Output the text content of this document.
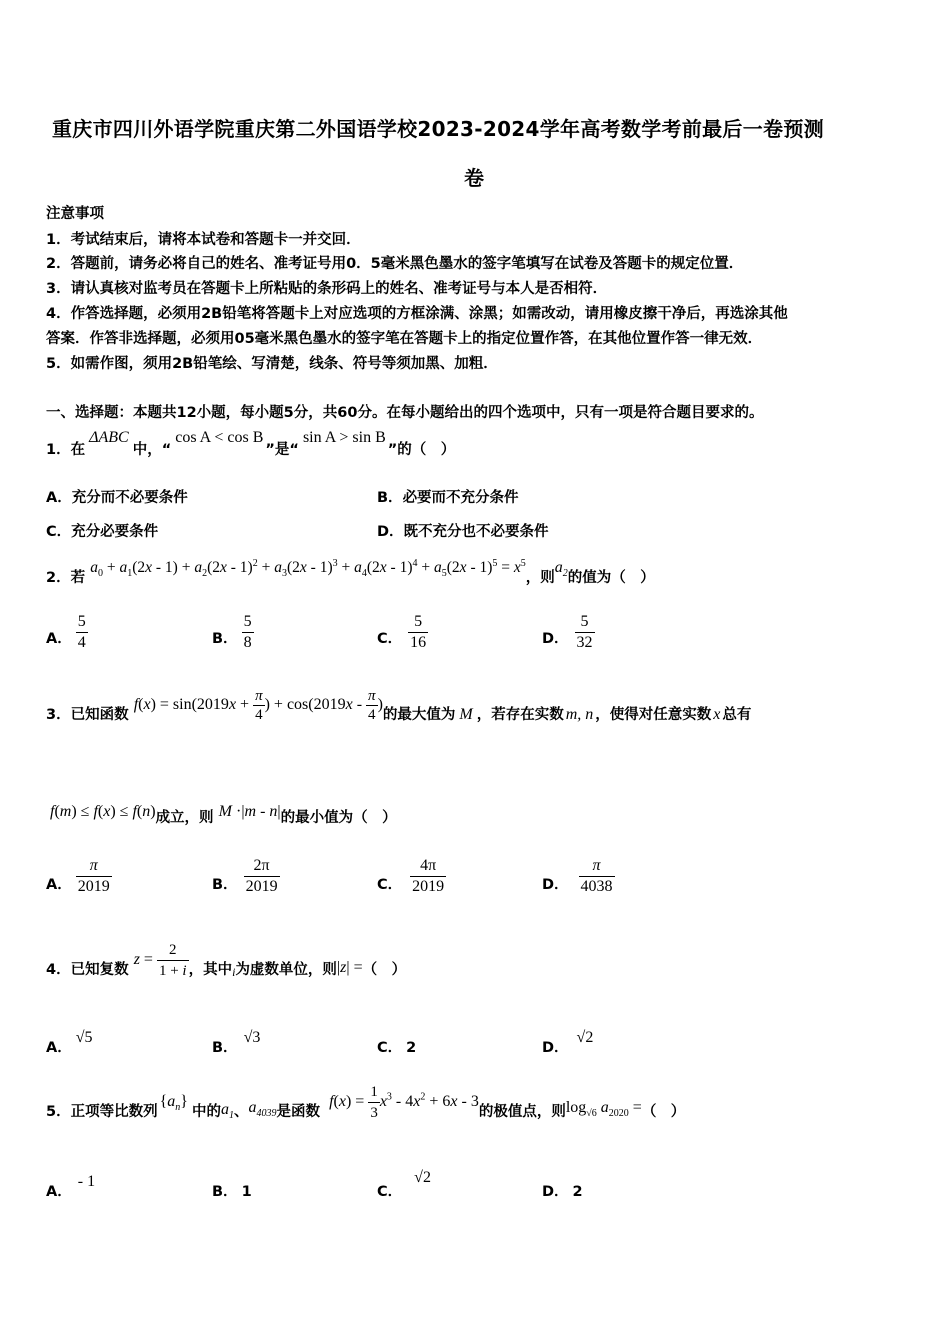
重庆市四川外语学院重庆第二外国语学校2023-2024学年高考数学考前最后一卷预测
卷
注意事项
1．考试结束后，请将本试卷和答题卡一并交回．
2．答题前，请务必将自己的姓名、准考证号用0．5毫米黑色墨水的签字笔填写在试卷及答题卡的规定位置．
3．请认真核对监考员在答题卡上所粘贴的条形码上的姓名、准考证号与本人是否相符．
4．作答选择题，必须用2B铅笔将答题卡上对应选项的方框涂满、涂黑；如需改动，请用橡皮擦干净后，再选涂其他
答案．作答非选择题，必须用05毫米黑色墨水的签字笔在答题卡上的指定位置作答，在其他位置作答一律无效．
5．如需作图，须用2B铅笔绘、写清楚，线条、符号等须加黑、加粗．
一、选择题：本题共12小题，每小题5分，共60分。在每小题给出的四个选项中，只有一项是符合题目要求的。
1．在ΔABC中，“cos A < cos B”是“sin A > sin B”的（　）
A．充分而不必要条件	B．必要而不充分条件
C．充分必要条件	D．既不充分也不必要条件
2．若 $a_0 + a_1(2x - 1) + a_2(2x - 1)^2 + a_3(2x - 1)^3 + a_4(2x - 1)^4 + a_5(2x - 1)^5 = x^5$，则$a_2$的值为（　）
A． $\frac{5}{4}$	B． $\frac{5}{8}$	C． $\frac{5}{16}$	D． $\frac{5}{32}$
3．已知函数 $f(x) = \sin(2019x + \frac{\pi}{4}$ ) + $\cos(2019x - \frac{\pi}{4}$ )的最大值为 M ，若存在实数 m, n ，使得对任意实数 x 总有
f(m) ≤ f(x) ≤ f(n)成立，则 M ·|m - n|的最小值为（　）
A． $\frac{\pi}{2019}$	B． $\frac{2\pi}{2019}$	C． $\frac{4\pi}{2019}$	D． $\frac{\pi}{4038}$
4．已知复数 $z = \frac{2}{1 + i}$ ，其中$_i$为虚数单位，则|z| =（　）
A．√5
B．√3
C． 2	D．√2
5．正项等比数列$\{a_n\}$中的$a_1$、$a_{4039}$是函数 $f(x) = \frac{1}{3} x^3 - 4x^2 + 6x - 3$的极值点，则$\log_{√6} a_{2020}$ =（　）
A．- 1
B． 1	C．√2
D． 2
